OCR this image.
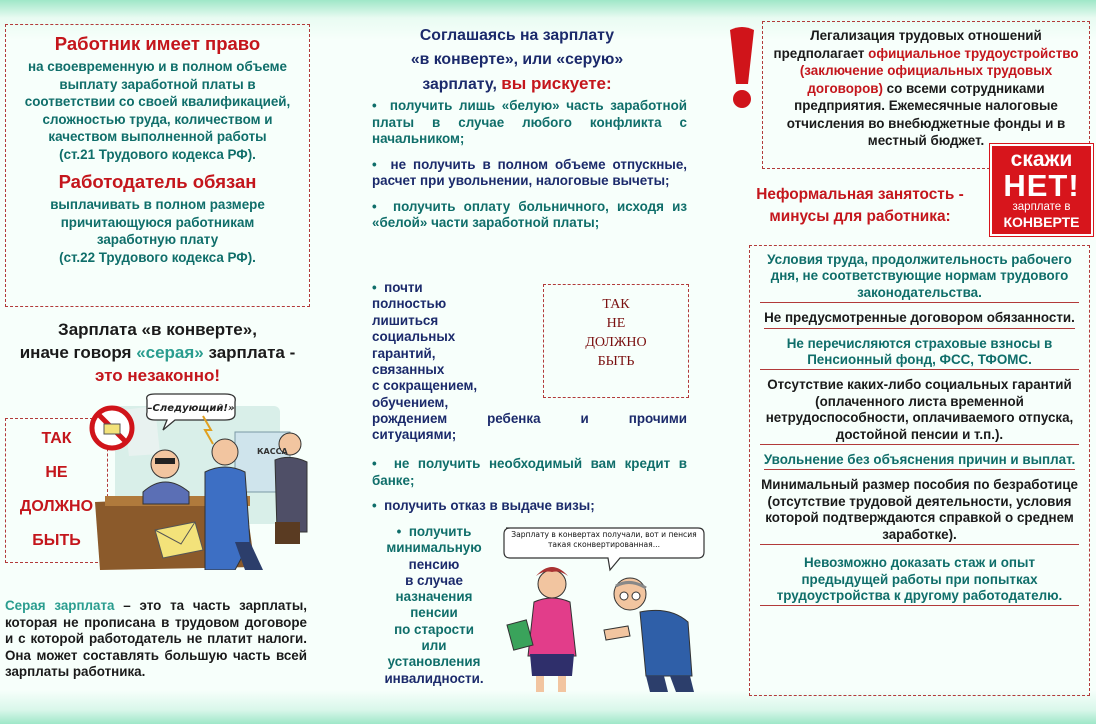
Работник имеет право
на своевременную и в полном объеме выплату заработной платы в соответствии со своей квалификацией, сложностью труда, количеством и качеством выполненной работы
(ст.21 Трудового кодекса РФ).
Работодатель обязан
выплачивать в полном размере причитающуюся работникам заработную плату
(ст.22 Трудового кодекса РФ).
Зарплата «в конверте»,
иначе говоря «серая» зарплата -
это незаконно!
ТАК
НЕ
ДОЛЖНО
БЫТЬ
–Следующий!»
КАССА
Серая зарплата – это та часть зарплаты, которая не прописана в трудовом договоре и с которой работодатель не платит налоги. Она может составлять большую часть всей зарплаты работника.
Соглашаясь на зарплату
«в конверте», или «серую»
зарплату, вы рискуете:
•  получить лишь «белую» часть заработной платы в случае любого конфликта с начальником;
•  не получить в полном объеме отпускные, расчет при увольнении, налоговые вычеты;
•  получить оплату больничного, исходя из «белой» части заработной платы;
•  почти
полностью
лишиться
социальных
гарантий,
связанных
с сокращением,
обучением,
рождением ребенка и прочими ситуациями;
ТАК
НЕ
ДОЛЖНО
БЫТЬ
•  не получить необходимый вам кредит в банке;
•  получить отказ в выдаче визы;
•  получить
минимальную
пенсию
в случае
назначения
пенсии
по старости
или
установления
инвалидности.
Зарплату в конвертах получали, вот и пенсия такая сконвертированная...
Легализация трудовых отношений предполагает официальное трудоустройство (заключение официальных трудовых договоров) со всеми сотрудниками предприятия. Ежемесячные налоговые отчисления во внебюджетные фонды и в местный бюджет.
скажи
НЕТ!
зарплате в
КОНВЕРТЕ
Неформальная занятость -
минусы для работника:

Условия труда, продолжительность рабочего дня, не соответствующие нормам трудового законодательства.

Не предусмотренные договором обязанности.

Не перечисляются страховые взносы в Пенсионный фонд, ФСС, ТФОМС.

Отсутствие каких-либо социальных гарантий (оплаченного листа временной нетрудоспособности, оплачиваемого отпуска, достойной пенсии и т.п.).

Увольнение без объяснения причин и выплат.

Минимальный размер пособия по безработице (отсутствие трудовой деятельности, условия которой подтверждаются справкой о среднем заработке).

Невозможно доказать стаж и опыт предыдущей работы при попытках трудоустройства к другому работодателю.
